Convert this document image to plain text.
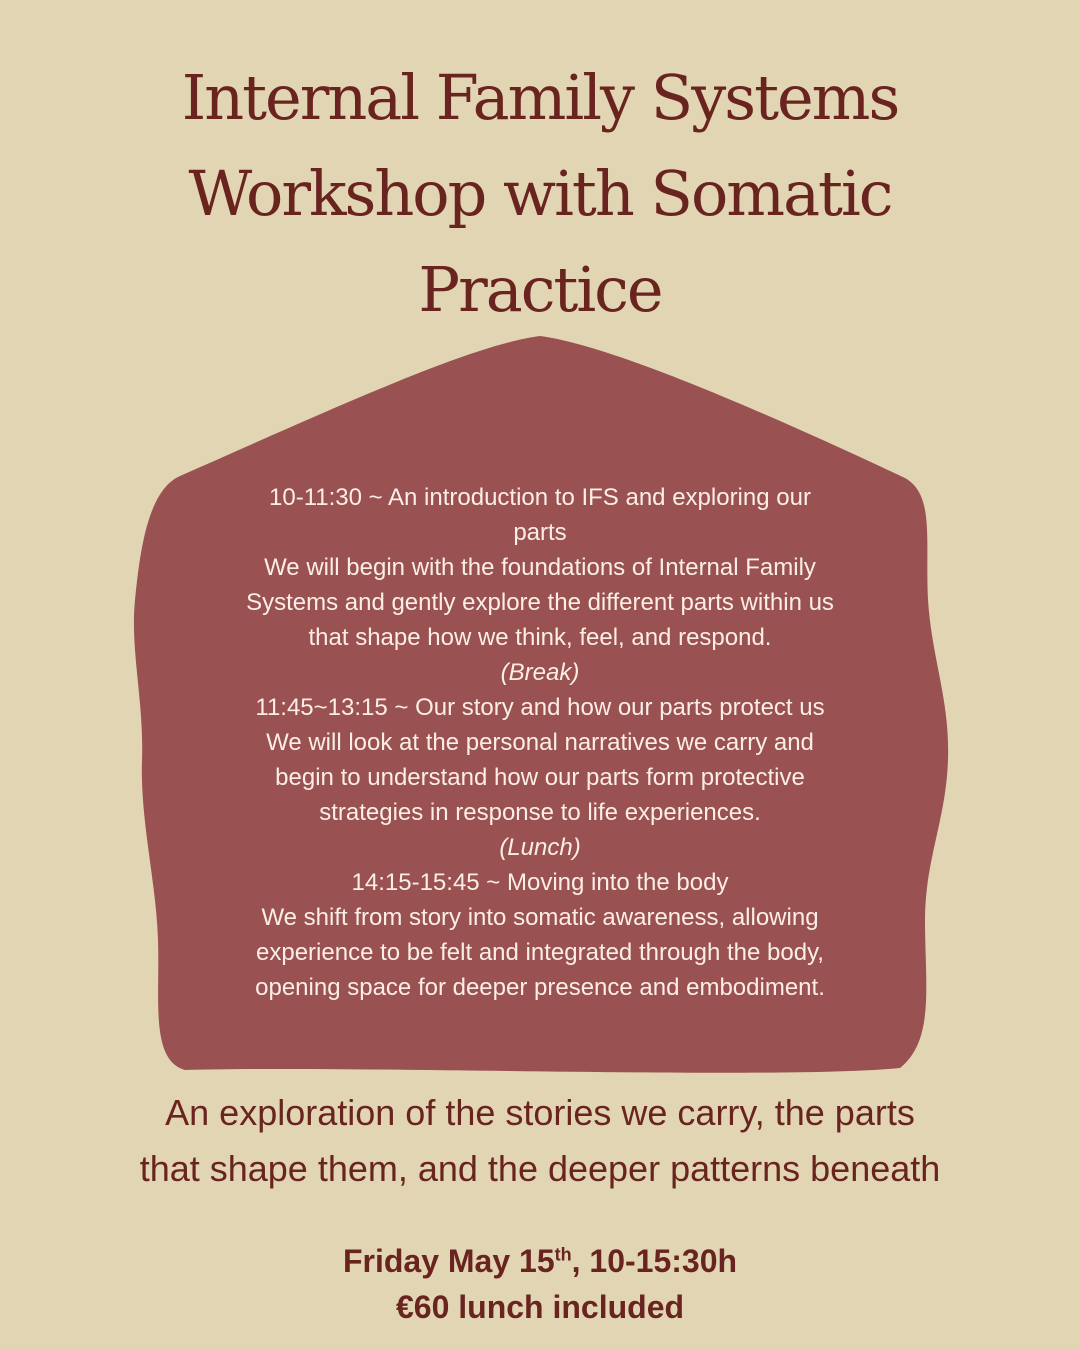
Internal Family Systems
Workshop with Somatic
Practice
10-11:30 ~ An introduction to IFS and exploring our
parts
We will begin with the foundations of Internal Family
Systems and gently explore the different parts within us
that shape how we think, feel, and respond.
(Break)
11:45~13:15 ~ Our story and how our parts protect us
We will look at the personal narratives we carry and
begin to understand how our parts form protective
strategies in response to life experiences.
(Lunch)
14:15-15:45 ~ Moving into the body
We shift from story into somatic awareness, allowing
experience to be felt and integrated through the body,
opening space for deeper presence and embodiment.
An exploration of the stories we carry, the parts
that shape them, and the deeper patterns beneath
Friday May 15th, 10-15:30h
€60 lunch included
